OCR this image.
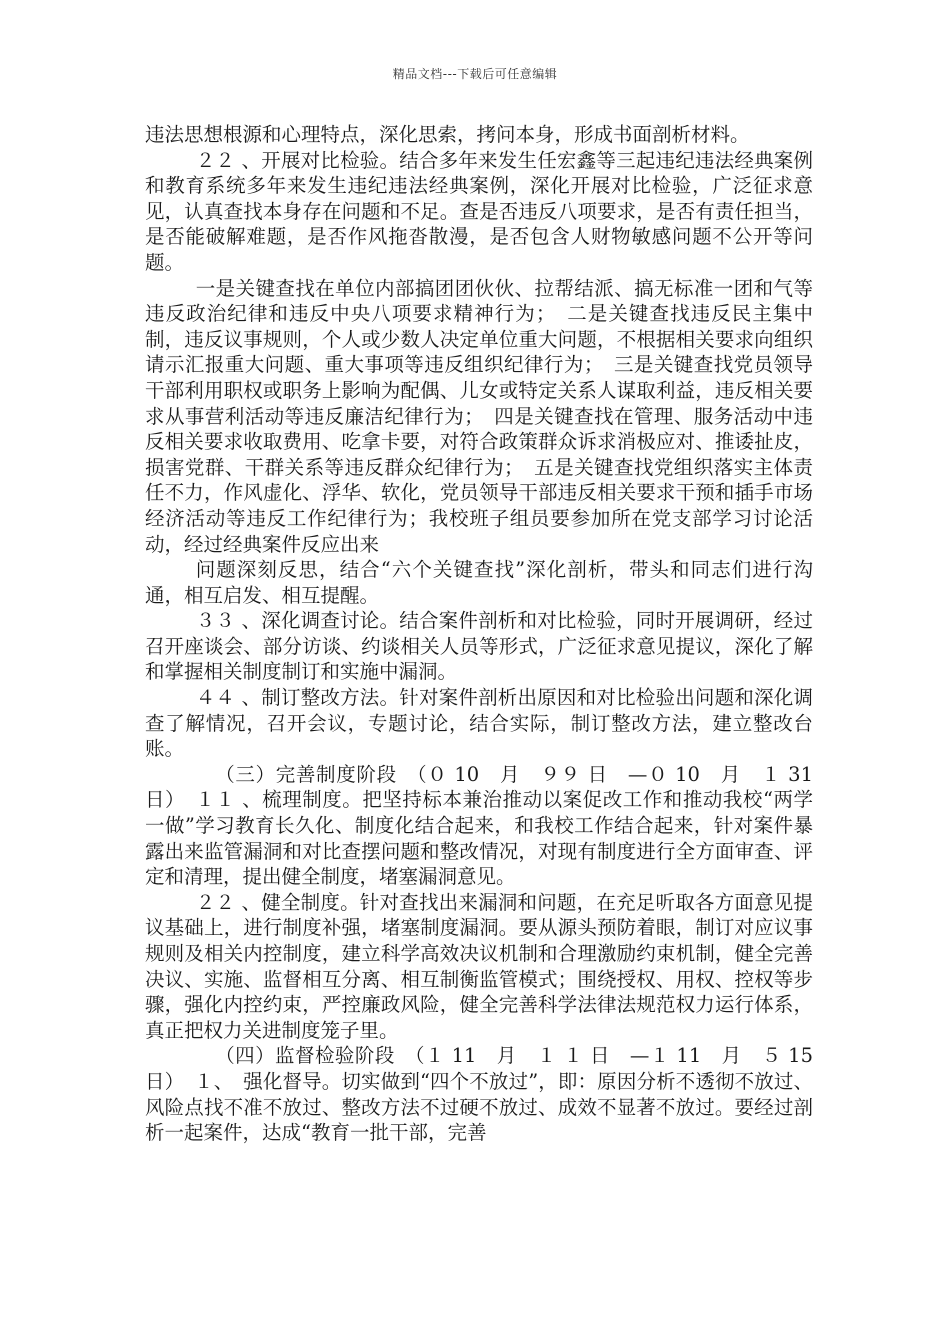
精品文档---下载后可任意编辑

违法思想根源和心理特点，深化思索，拷问本身，形成书面剖析材料。

２２ 、开展对比检验。结合多年来发生任宏鑫等三起违纪违法经典案例和教育系统多年来发生违纪违法经典案例，深化开展对比检验，广泛征求意见，认真查找本身存在问题和不足。查是否违反八项要求，是否有责任担当，是否能破解难题，是否作风拖沓散漫，是否包含人财物敏感问题不公开等问题。

一是关键查找在单位内部搞团团伙伙、拉帮结派、搞无标准一团和气等违反政治纪律和违反中央八项要求精神行为；　二是关键查找违反民主集中制，违反议事规则，个人或少数人决定单位重大问题，不根据相关要求向组织请示汇报重大问题、重大事项等违反组织纪律行为；　三是关键查找党员领导干部利用职权或职务上影响为配偶、儿女或特定关系人谋取利益，违反相关要求从事营利活动等违反廉洁纪律行为；　四是关键查找在管理、服务活动中违反相关要求收取费用、吃拿卡要，对符合政策群众诉求消极应对、推诿扯皮，损害党群、干群关系等违反群众纪律行为；　五是关键查找党组织落实主体责任不力，作风虚化、浮华、软化，党员领导干部违反相关要求干预和插手市场经济活动等违反工作纪律行为；我校班子组员要参加所在党支部学习讨论活动，经过经典案件反应出来

问题深刻反思，结合“六个关键查找”深化剖析，带头和同志们进行沟通，相互启发、相互提醒。

３３ 、深化调查讨论。结合案件剖析和对比检验，同时开展调研，经过召开座谈会、部分访谈、约谈相关人员等形式，广泛征求意见提议，深化了解和掌握相关制度制订和实施中漏洞。

４４ 、制订整改方法。针对案件剖析出原因和对比检验出问题和深化调查了解情况，召开会议，专题讨论，结合实际，制订整改方法，建立整改台账。

（三）完善制度阶段　（０ 10　月　９９ 日　—０ 10　月　１ 31 日）　１１ 、梳理制度。把坚持标本兼治推动以案促改工作和推动我校“两学一做”学习教育长久化、制度化结合起来，和我校工作结合起来，针对案件暴露出来监管漏洞和对比查摆问题和整改情况，对现有制度进行全方面审查、评定和清理，提出健全制度，堵塞漏洞意见。

２２ 、健全制度。针对查找出来漏洞和问题，在充足听取各方面意见提议基础上，进行制度补强，堵塞制度漏洞。要从源头预防着眼，制订对应议事规则及相关内控制度，建立科学高效决议机制和合理激励约束机制，健全完善决议、实施、监督相互分离、相互制衡监管模式；围绕授权、用权、控权等步骤，强化内控约束，严控廉政风险，健全完善科学法律法规范权力运行体系，真正把权力关进制度笼子里。

（四）监督检验阶段　（１ 11　月　１ １ 日　—１ 11　月　５ 15 日）　１、　强化督导。切实做到“四个不放过”，即：原因分析不透彻不放过、风险点找不准不放过、整改方法不过硬不放过、成效不显著不放过。要经过剖析一起案件，达成“教育一批干部，完善
